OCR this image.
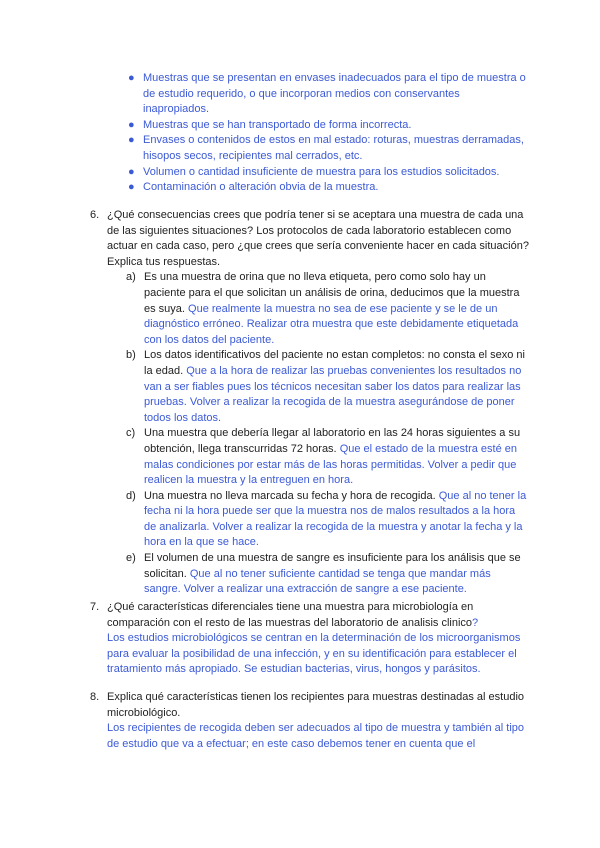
● Muestras que se presentan en envases inadecuados para el tipo de muestra o de estudio requerido, o que incorporan medios con conservantes inapropiados.
● Muestras que se han transportado de forma incorrecta.
● Envases o contenidos de estos en mal estado: roturas, muestras derramadas, hisopos secos, recipientes mal cerrados, etc.
● Volumen o cantidad insuficiente de muestra para los estudios solicitados.
● Contaminación o alteración obvia de la muestra.
6. ¿Qué consecuencias crees que podría tener si se aceptara una muestra de cada una de las siguientes situaciones? Los protocolos de cada laboratorio establecen como actuar en cada caso, pero ¿que crees que sería conveniente hacer en cada situación? Explica tus respuestas.
a) Es una muestra de orina que no lleva etiqueta, pero como solo hay un paciente para el que solicitan un análisis de orina, deducimos que la muestra es suya. Que realmente la muestra no sea de ese paciente y se le de un diagnóstico erróneo. Realizar otra muestra que este debidamente etiquetada con los datos del paciente.
b) Los datos identificativos del paciente no estan completos: no consta el sexo ni la edad. Que a la hora de realizar las pruebas convenientes los resultados no van a ser fiables pues los técnicos necesitan saber los datos para realizar las pruebas. Volver a realizar la recogida de la muestra asegurándose de poner todos los datos.
c) Una muestra que debería llegar al laboratorio en las 24 horas siguientes a su obtención, llega transcurridas 72 horas. Que el estado de la muestra esté en malas condiciones por estar más de las horas permitidas. Volver a pedir que realicen la muestra y la entreguen en hora.
d) Una muestra no lleva marcada su fecha y hora de recogida. Que al no tener la fecha ni la hora puede ser que la muestra nos de malos resultados a la hora de analizarla. Volver a realizar la recogida de la muestra y anotar la fecha y la hora en la que se hace.
e) El volumen de una muestra de sangre es insuficiente para los análisis que se solicitan. Que al no tener suficiente cantidad se tenga que mandar más sangre. Volver a realizar una extracción de sangre a ese paciente.
7. ¿Qué características diferenciales tiene una muestra para microbiología en comparación con el resto de las muestras del laboratorio de analisis clinico?
Los estudios microbiológicos se centran en la determinación de los microorganismos para evaluar la posibilidad de una infección, y en su identificación para establecer el tratamiento más apropiado. Se estudian bacterias, virus, hongos y parásitos.
8. Explica qué características tienen los recipientes para muestras destinadas al estudio microbiológico.
Los recipientes de recogida deben ser adecuados al tipo de muestra y también al tipo de estudio que va a efectuar; en este caso debemos tener en cuenta que el
